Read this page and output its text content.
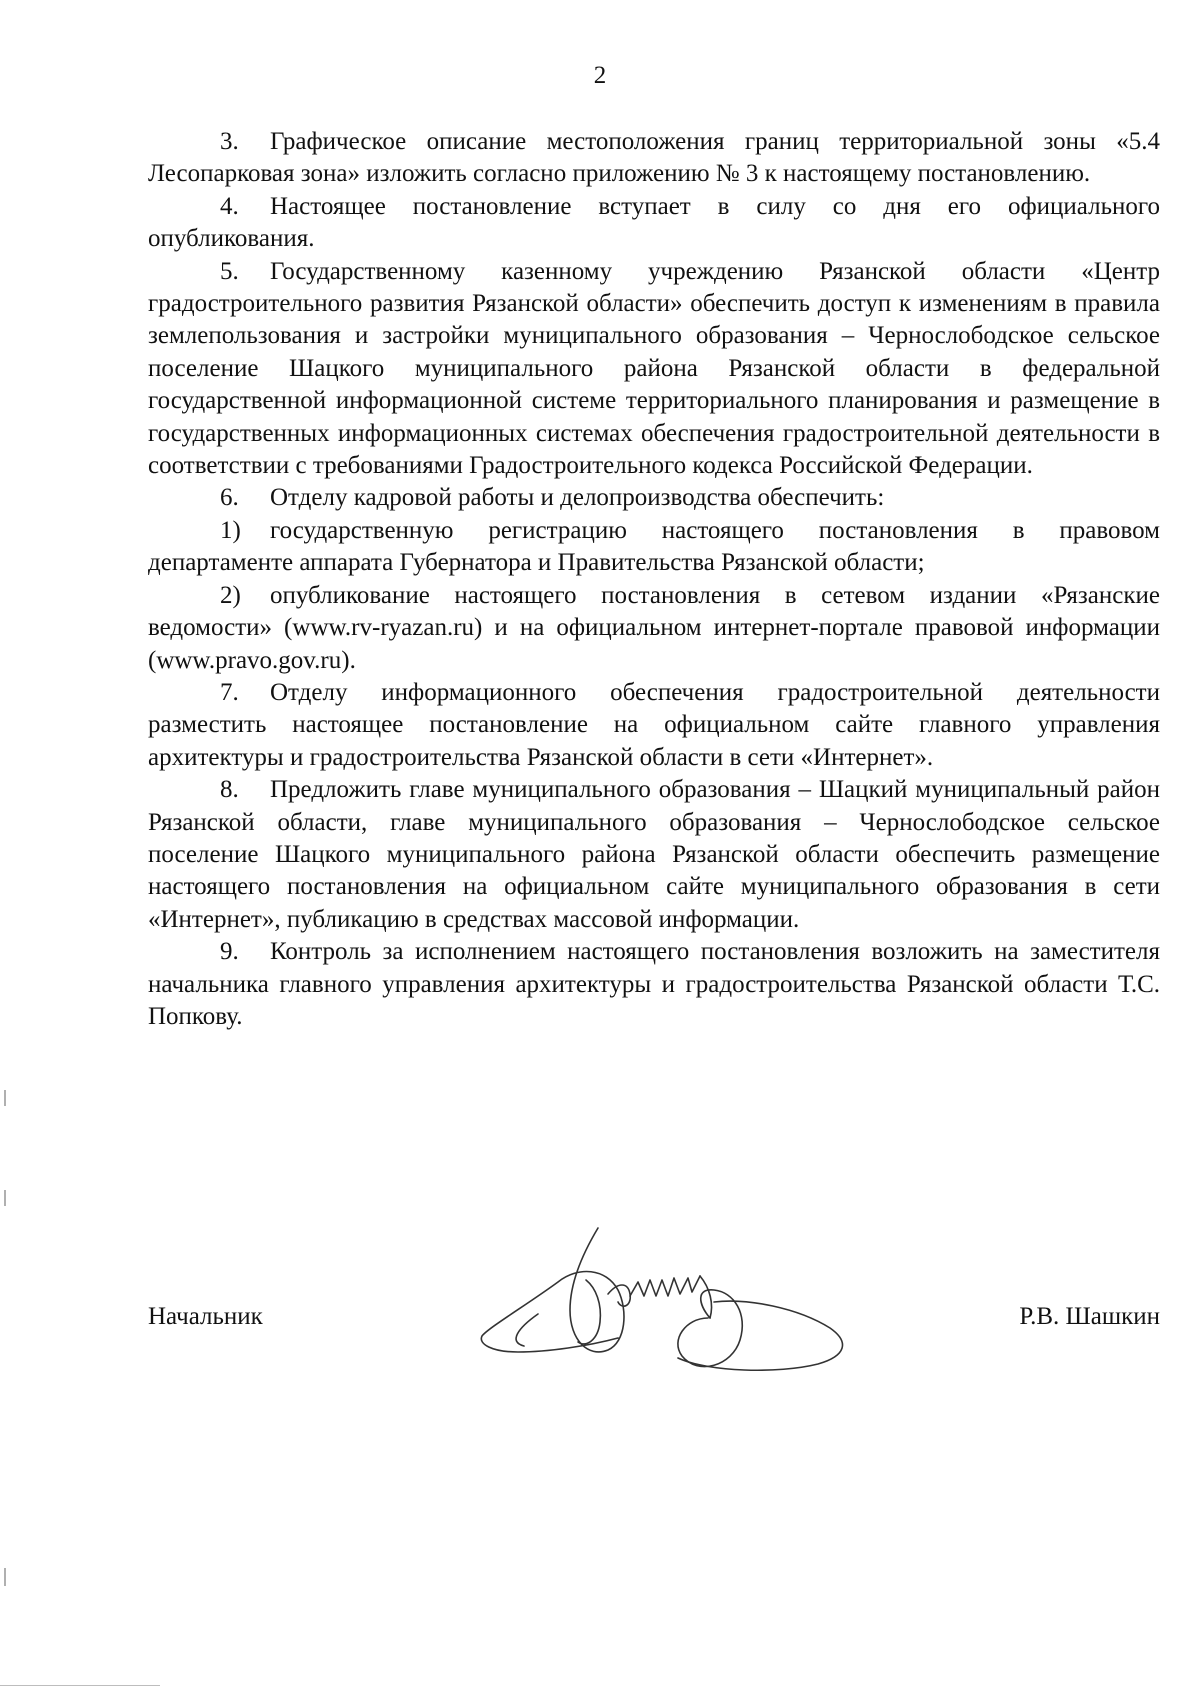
2

3. Графическое описание местоположения границ территориальной зоны «5.4 Лесопарковая зона» изложить согласно приложению № 3 к настоящему постановлению.

4. Настоящее постановление вступает в силу со дня его официального опубликования.

5. Государственному казенному учреждению Рязанской области «Центр градостроительного развития Рязанской области» обеспечить доступ к изменениям в правила землепользования и застройки муниципального образования – Чернослободское сельское поселение Шацкого муниципального района Рязанской области в федеральной государственной информационной системе территориального планирования и размещение в государственных информационных системах обеспечения градостроительной деятельности в соответствии с требованиями Градостроительного кодекса Российской Федерации.

6. Отделу кадровой работы и делопроизводства обеспечить:

1) государственную регистрацию настоящего постановления в правовом департаменте аппарата Губернатора и Правительства Рязанской области;

2) опубликование настоящего постановления в сетевом издании «Рязанские ведомости» (www.rv-ryazan.ru) и на официальном интернет-портале правовой информации (www.pravo.gov.ru).

7. Отделу информационного обеспечения градостроительной деятельности разместить настоящее постановление на официальном сайте главного управления архитектуры и градостроительства Рязанской области в сети «Интернет».

8. Предложить главе муниципального образования – Шацкий муниципальный район Рязанской области, главе муниципального образования – Чернослободское сельское поселение Шацкого муниципального района Рязанской области обеспечить размещение настоящего постановления на официальном сайте муниципального образования в сети «Интернет», публикацию в средствах массовой информации.

9. Контроль за исполнением настоящего постановления возложить на заместителя начальника главного управления архитектуры и градостроительства Рязанской области Т.С. Попкову.

Начальник	Р.В. Шашкин
